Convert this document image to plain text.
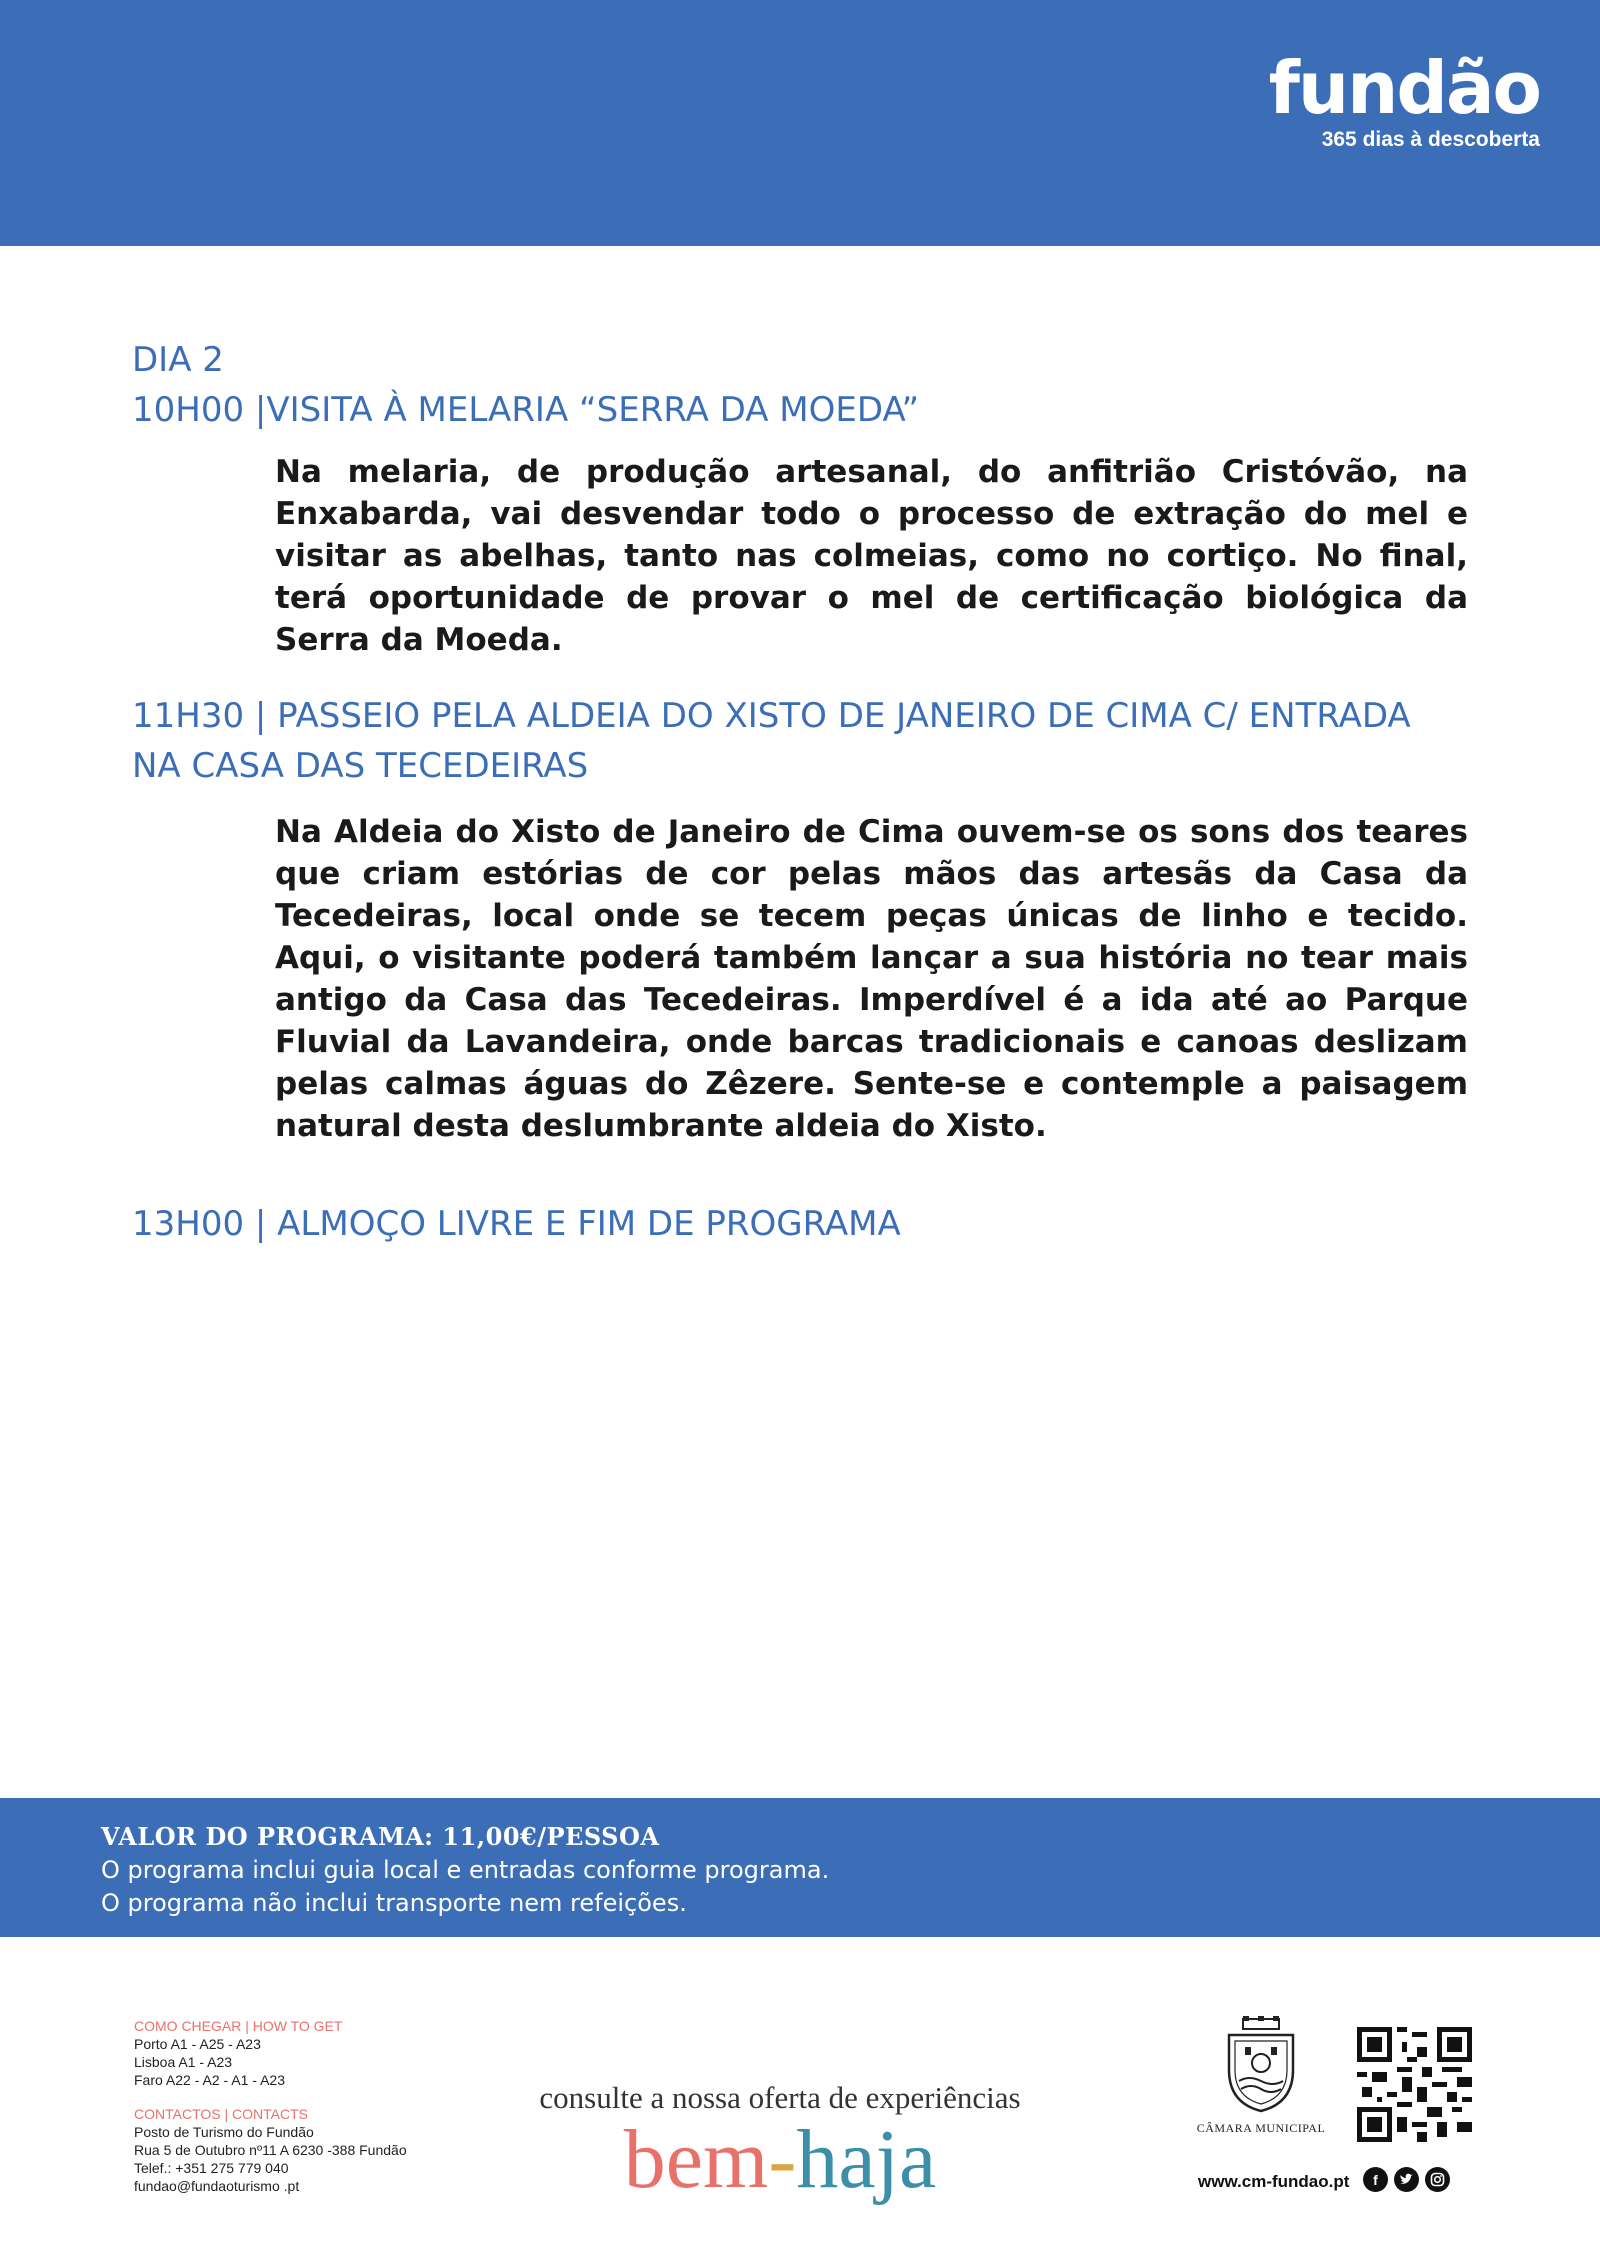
fundão
365 dias à descoberta
DIA 2
10H00 |VISITA À MELARIA “SERRA DA MOEDA”

Na melaria, de produção artesanal, do anfitrião Cristóvão, na Enxabarda, vai desvendar todo o processo de extração do mel e visitar as abelhas, tanto nas colmeias, como no cortiço. No final, terá oportunidade de provar o mel de certificação biológica da Serra da Moeda.

11H30 | PASSEIO PELA ALDEIA DO XISTO DE JANEIRO DE CIMA C/ ENTRADA NA CASA DAS TECEDEIRAS

Na Aldeia do Xisto de Janeiro de Cima ouvem-se os sons dos teares que criam estórias de cor pelas mãos das artesãs da Casa da Tecedeiras, local onde se tecem peças únicas de linho e tecido. Aqui, o visitante poderá também lançar a sua história no tear mais antigo da Casa das Tecedeiras. Imperdível é a ida até ao Parque Fluvial da Lavandeira, onde barcas tradicionais e canoas deslizam pelas calmas águas do Zêzere. Sente-se e contemple a paisagem natural desta deslumbrante aldeia do Xisto.

13H00 | ALMOÇO LIVRE E FIM DE PROGRAMA
VALOR DO PROGRAMA: 11,00€/PESSOA
O programa inclui guia local e entradas conforme programa.
O programa não inclui transporte nem refeições.
COMO CHEGAR | HOW TO GET
Porto A1 - A25 - A23
Lisboa A1 - A23
Faro A22 - A2 - A1 - A23
CONTACTOS | CONTACTS
Posto de Turismo do Fundão
Rua 5 de Outubro nº11 A 6230 -388 Fundão
Telef.: +351 275 779 040
fundao@fundaoturismo .pt
consulte a nossa oferta de experiências
bem-haja	CÂMARA MUNICIPAL
www.cm-fundao.pt	f
